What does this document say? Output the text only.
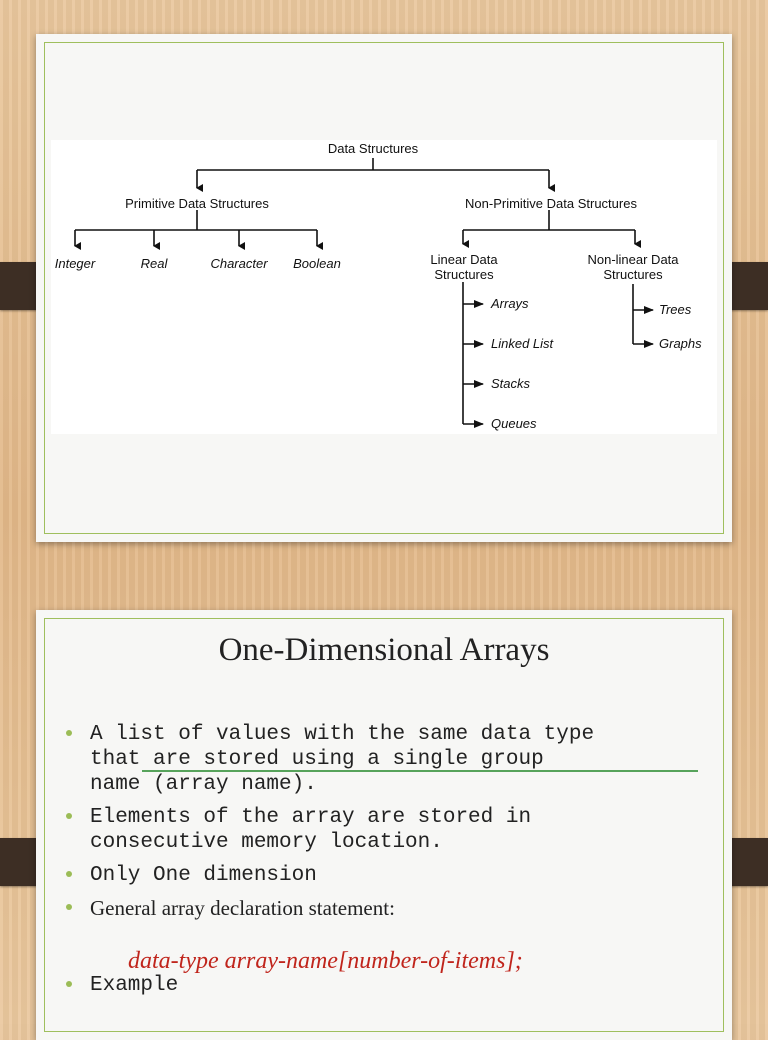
Data Structures
Primitive Data Structures	Non-Primitive Data Structures
Integer	Real	Character Boolean	Linear Data
Structures
Non-linear Data
Structures
Arrays
Linked List
Stacks
Queues
Trees
Graphs
One-Dimensional Arrays
A list of values with the same data type
that are stored using a single group
name (array name).
Elements of the array are stored in
consecutive memory location.
Only One dimension
General array declaration statement:
Example
data-type array-name[number-of-items];
